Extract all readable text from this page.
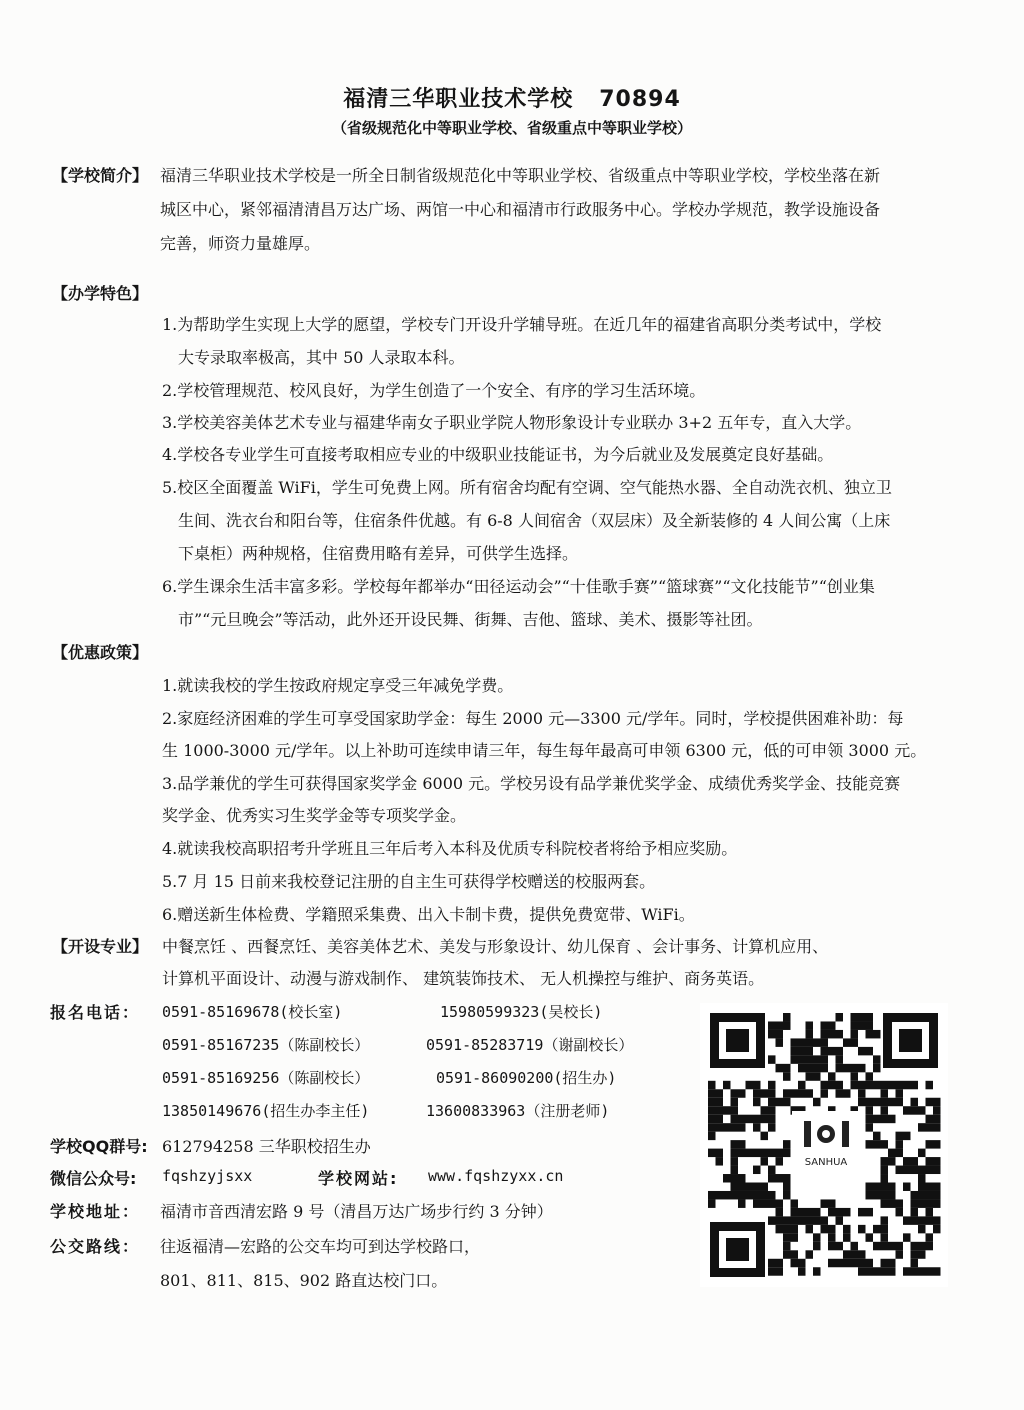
福清三华职业技术学校 70894
（省级规范化中等职业学校、省级重点中等职业学校）
【学校简介】 福清三华职业技术学校是一所全日制省级规范化中等职业学校、省级重点中等职业学校，学校坐落在新
城区中心，紧邻福清清昌万达广场、两馆一中心和福清市行政服务中心。学校办学规范，教学设施设备
完善，师资力量雄厚。
【办学特色】
1.为帮助学生实现上大学的愿望，学校专门开设升学辅导班。在近几年的福建省高职分类考试中，学校
大专录取率极高，其中 50 人录取本科。
2.学校管理规范、校风良好，为学生创造了一个安全、有序的学习生活环境。
3.学校美容美体艺术专业与福建华南女子职业学院人物形象设计专业联办 3+2 五年专，直入大学。
4.学校各专业学生可直接考取相应专业的中级职业技能证书，为今后就业及发展奠定良好基础。
5.校区全面覆盖 WiFi，学生可免费上网。所有宿舍均配有空调、空气能热水器、全自动洗衣机、独立卫
生间、洗衣台和阳台等，住宿条件优越。有 6-8 人间宿舍（双层床）及全新装修的 4 人间公寓（上床
下桌柜）两种规格，住宿费用略有差异，可供学生选择。
6.学生课余生活丰富多彩。学校每年都举办“田径运动会”“十佳歌手赛”“篮球赛”“文化技能节”“创业集
市”“元旦晚会”等活动，此外还开设民舞、街舞、吉他、篮球、美术、摄影等社团。
【优惠政策】
1.就读我校的学生按政府规定享受三年减免学费。
2.家庭经济困难的学生可享受国家助学金：每生 2000 元—3300 元/学年。同时，学校提供困难补助：每
生 1000-3000 元/学年。以上补助可连续申请三年，每生每年最高可申领 6300 元，低的可申领 3000 元。
3.品学兼优的学生可获得国家奖学金 6000 元。学校另设有品学兼优奖学金、成绩优秀奖学金、技能竞赛
奖学金、优秀实习生奖学金等专项奖学金。
4.就读我校高职招考升学班且三年后考入本科及优质专科院校者将给予相应奖励。
5.7 月 15 日前来我校登记注册的自主生可获得学校赠送的校服两套。
6.赠送新生体检费、学籍照采集费、出入卡制卡费，提供免费宽带、WiFi。
【开设专业】 中餐烹饪 、西餐烹饪、美容美体艺术、美发与形象设计、幼儿保育 、会计事务、计算机应用、
计算机平面设计、动漫与游戏制作、 建筑装饰技术、 无人机操控与维护、商务英语。
报名电话： 0591-85169678(校长室)	15980599323(吴校长)
0591-85167235（陈副校长）	0591-85283719（谢副校长）
0591-85169256（陈副校长）	0591-86090200(招生办)
13850149676(招生办李主任)	13600833963（注册老师)
学校QQ群号: 612794258 三华职校招生办
微信公众号: fqshzyjsxx	学校网站: www.fqshzyxx.cn
学校地址： 福清市音西清宏路 9 号（清昌万达广场步行约 3 分钟）
公交路线： 往返福清—宏路的公交车均可到达学校路口，
801、811、815、902 路直达校门口。
SANHUA
